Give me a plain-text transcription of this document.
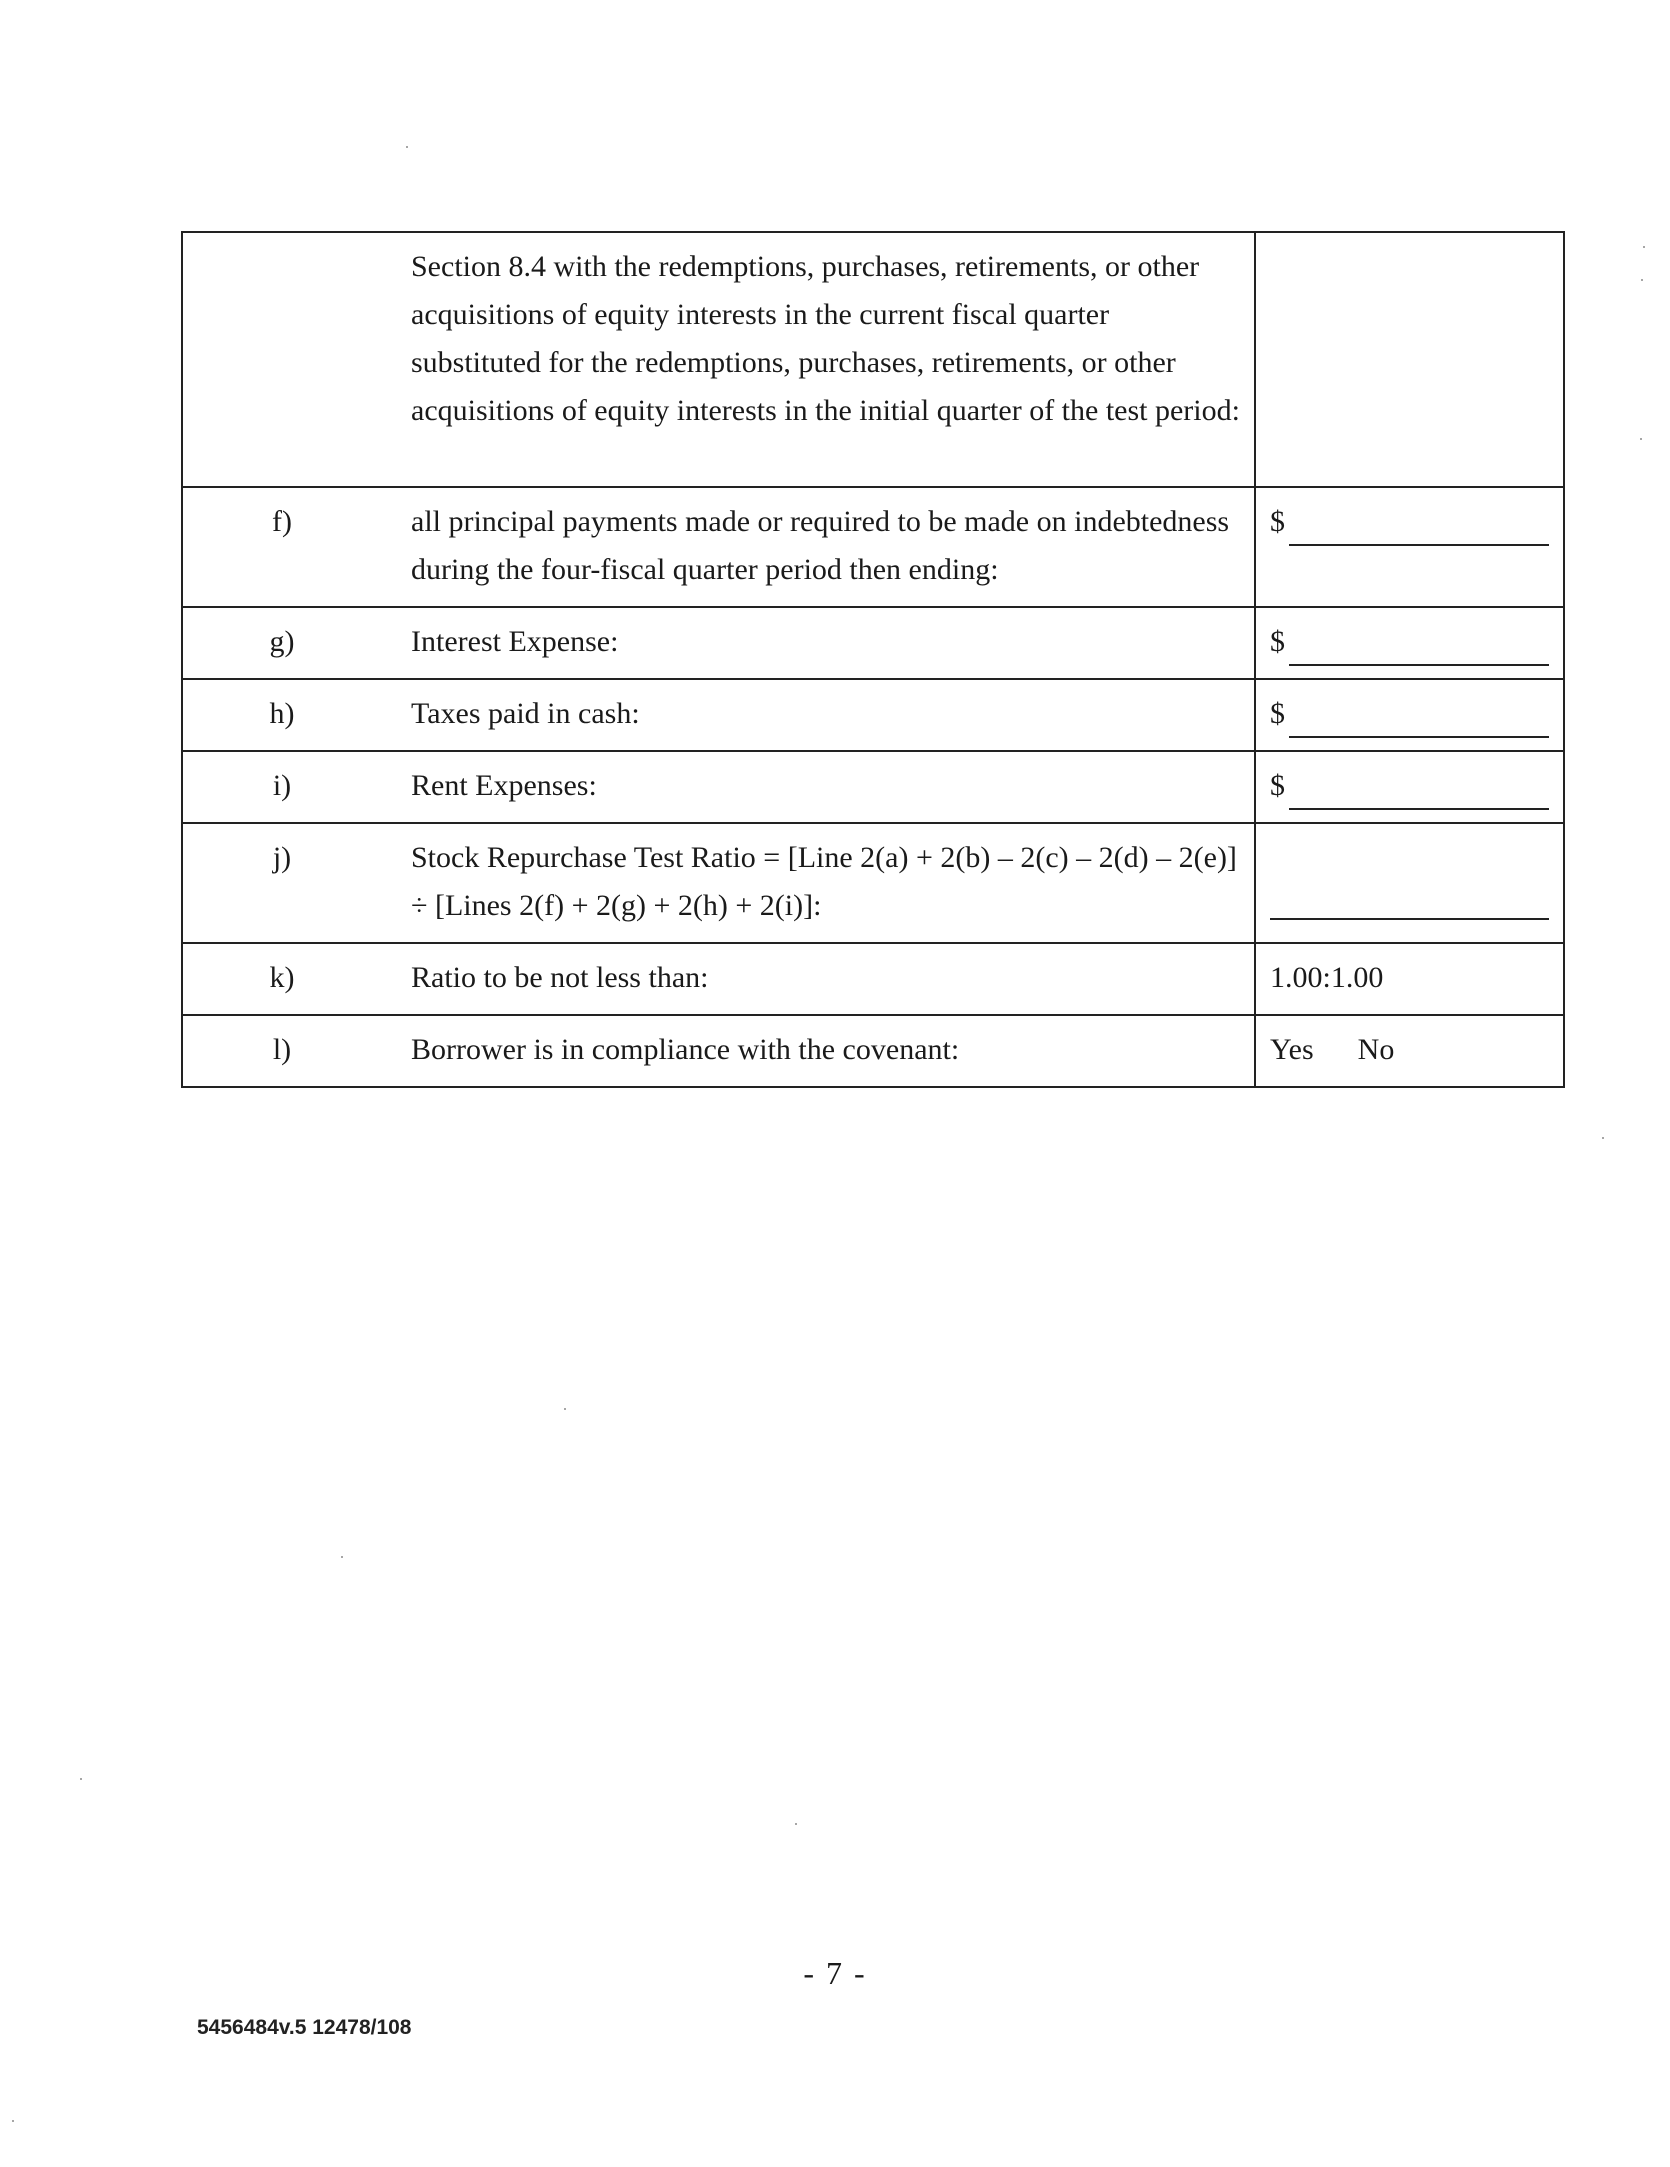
	Section 8.4 with the redemptions, purchases, retirements, or other acquisitions of equity interests in the current fiscal quarter substituted for the redemptions, purchases, retirements, or other acquisitions of equity interests in the initial quarter of the test period:	
f)	all principal payments made or required to be made on indebtedness during the four-fiscal quarter period then ending:	$

g)	Interest Expense:	$

h)	Taxes paid in cash:	$

i)	Rent Expenses:	$

j)	Stock Repurchase Test Ratio = [Line 2(a) + 2(b) – 2(c) – 2(d) – 2(e)] ÷ [Lines 2(f) + 2(g) + 2(h) + 2(i)]:	

k)	Ratio to be not less than:	1.00:1.00
l)	Borrower is in compliance with the covenant:	Yes No
- 7 -
5456484v.5 12478/108
